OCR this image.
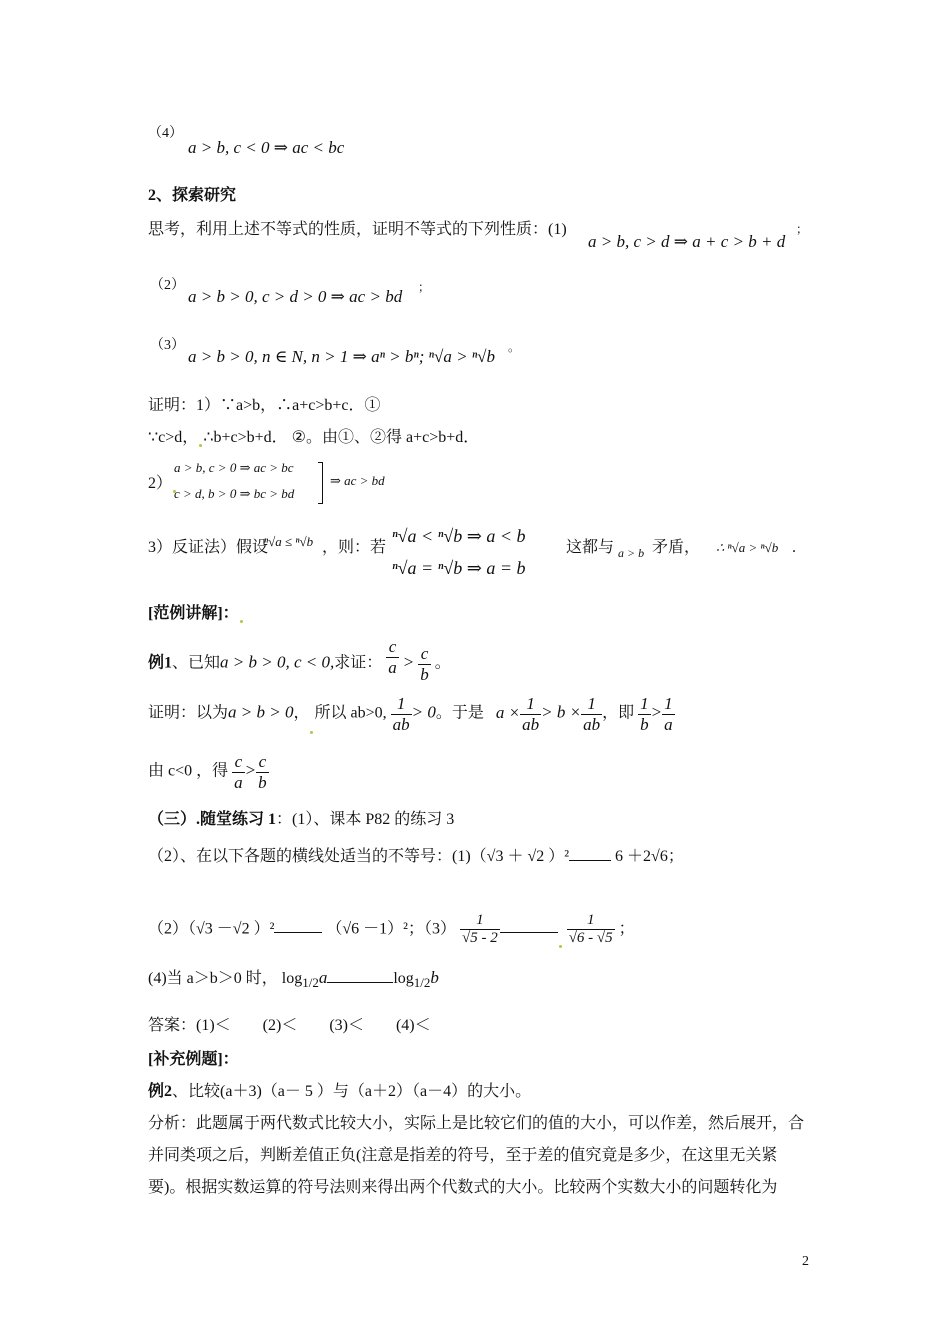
（4）
a > b, c < 0 ⇒ ac < bc
2、探索研究
思考，利用上述不等式的性质，证明不等式的下列性质：(1)
a > b, c > d ⇒ a + c > b + d
；
（2）
a > b > 0, c > d > 0 ⇒ ac > bd ；
（3）
a > b > 0, n ∈ N, n > 1 ⇒ aⁿ > bⁿ; ⁿ√a > ⁿ√b 。
证明：1）∵a>b，∴a+c>b+c．①
∵c>d， ∴b+c>b+d． ②。由①、②得 a+c>b+d．
2）
a > b, c > 0 ⇒ ac > bc
c > d, b > 0 ⇒ bc > bd
⇒ ac > bd
3）反证法）假设
ⁿ√a ≤ ⁿ√b ，则：若
ⁿ√a < ⁿ√b ⇒ a < b
ⁿ√a = ⁿ√b ⇒ a = b
这都与 a > b 矛盾， ∴ ⁿ√a > ⁿ√b .
[范例讲解]：
例1、已知a > b > 0, c < 0,求证： $\frac{c}{a} > \frac{c}{b}$ 。
证明：以为a > b > 0， 所以 ab>0, $\frac{1}{ab} > 0$。于是 $a \times \frac{1}{ab} > b \times \frac{1}{ab}$ ，即 $\frac{1}{b} > \frac{1}{a}$
由 c<0 ，得 $\frac{c}{a} > \frac{c}{b}$
（三）.随堂练习 1：(1）、课本 P82 的练习 3
（2）、在以下各题的横线处适当的不等号：(1)（√3 ＋ √2 ）²	6 ＋2√6；
（2）（√3 －√2 ）²	（√6 －1）²；$(3) \frac{1}{√5 - 2}$
	$\frac{1}{√6 - √5}$ ；
(4)当 a＞b＞0 时， $\log_{1/2}a$	$\log_{1/2}b$
答案：(1)＜        (2)＜        (3)＜        (4)＜
[补充例题]：
例2、比较(a＋3)（a－ 5 ）与（a＋2）（a－4）的大小。
分析：此题属于两代数式比较大小，实际上是比较它们的值的大小，可以作差，然后展开，合
并同类项之后，判断差值正负(注意是指差的符号，至于差的值究竟是多少，在这里无关紧
要)。根据实数运算的符号法则来得出两个代数式的大小。比较两个实数大小的问题转化为
2
